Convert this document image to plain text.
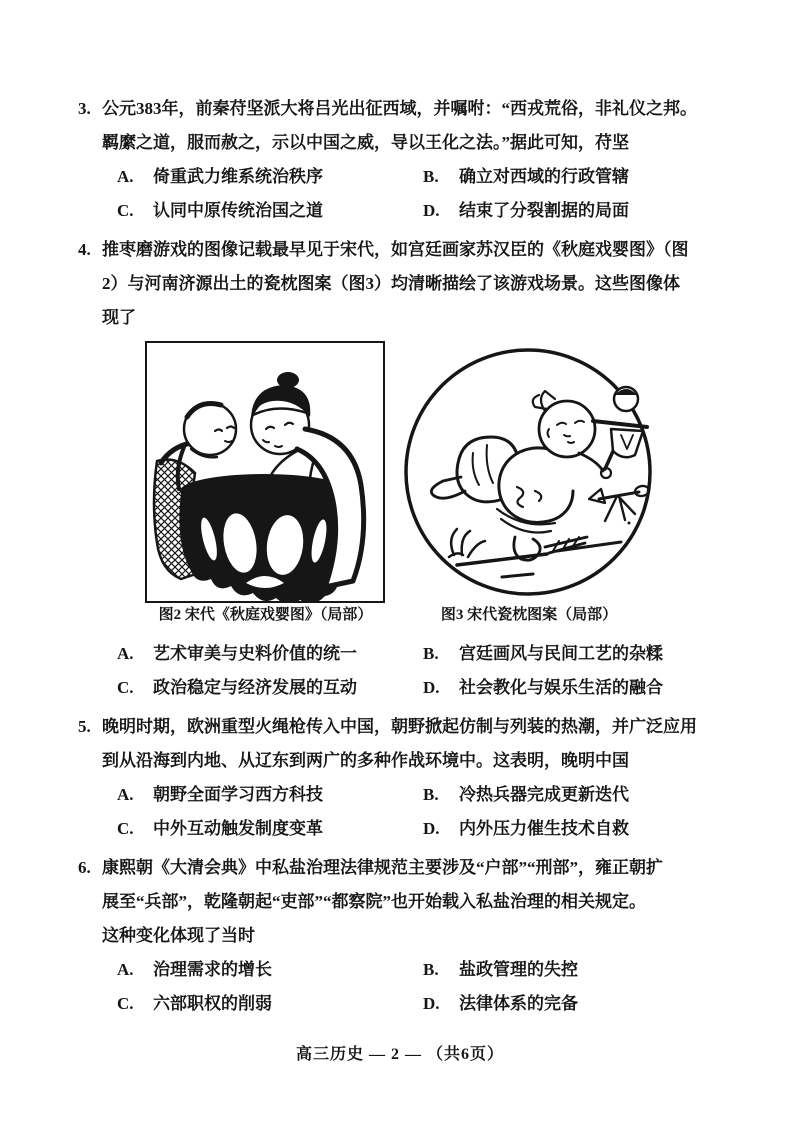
3. 公元383年，前秦苻坚派大将吕光出征西域，并嘱咐：“西戎荒俗，非礼仪之邦。
羁縻之道，服而赦之，示以中国之威，导以王化之法。”据此可知，苻坚
A.	倚重武力维系统治秩序	B.	确立对西域的行政管辖
C.	认同中原传统治国之道	D.	结束了分裂割据的局面
4. 推枣磨游戏的图像记载最早见于宋代，如宫廷画家苏汉臣的《秋庭戏婴图》（图
2）与河南济源出土的瓷枕图案（图3）均清晰描绘了该游戏场景。这些图像体
现了
图2 宋代《秋庭戏婴图》（局部）	图3 宋代瓷枕图案（局部）
A.	艺术审美与史料价值的统一	B.	宫廷画风与民间工艺的杂糅
C.	政治稳定与经济发展的互动	D.	社会教化与娱乐生活的融合
5. 晚明时期，欧洲重型火绳枪传入中国，朝野掀起仿制与列装的热潮，并广泛应用
到从沿海到内地、从辽东到两广的多种作战环境中。这表明，晚明中国
A.	朝野全面学习西方科技	B.	冷热兵器完成更新迭代
C.	中外互动触发制度变革	D.	内外压力催生技术自救
6. 康熙朝《大清会典》中私盐治理法律规范主要涉及“户部”“刑部”，雍正朝扩
展至“兵部”，乾隆朝起“吏部”“都察院”也开始载入私盐治理的相关规定。
这种变化体现了当时
A.	治理需求的增长	B.	盐政管理的失控
C.	六部职权的削弱	D.	法律体系的完备
高三历史 — 2 — （共6页）
